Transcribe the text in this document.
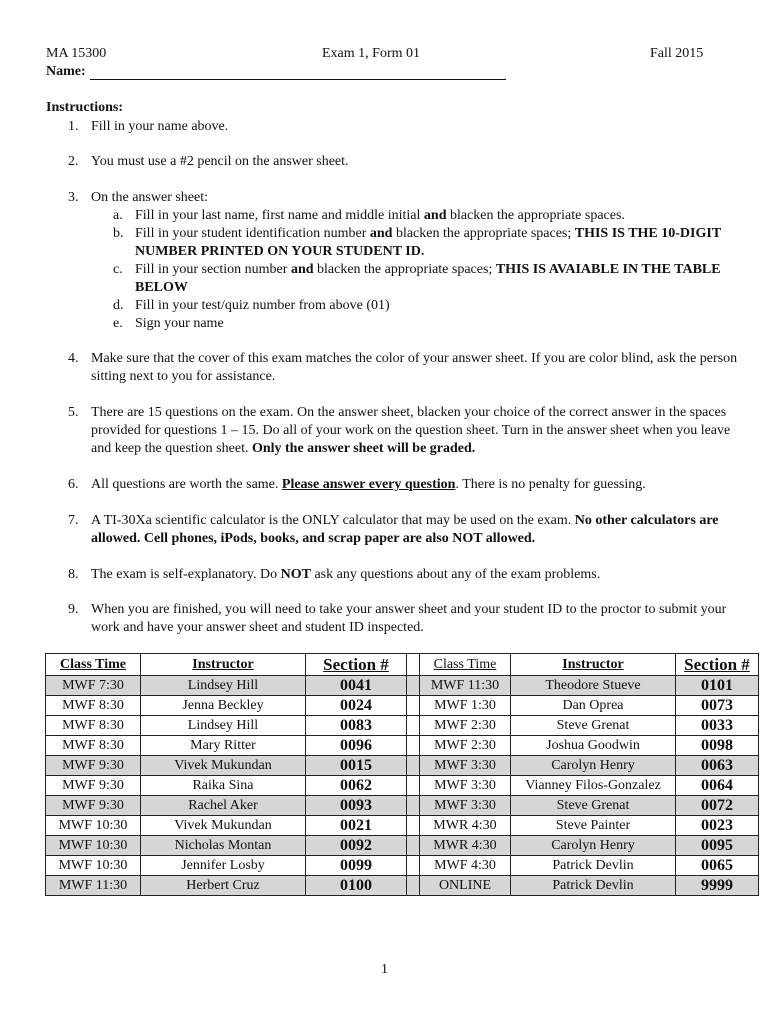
MA 15300	Exam 1, Form 01	Fall 2015
Name:
Instructions:
1. Fill in your name above.
2. You must use a #2 pencil on the answer sheet.
3. On the answer sheet:
a. Fill in your last name, first name and middle initial and blacken the appropriate spaces.
b. Fill in your student identification number and blacken the appropriate spaces; THIS IS THE 10-DIGIT NUMBER PRINTED ON YOUR STUDENT ID.
c. Fill in your section number and blacken the appropriate spaces; THIS IS AVAIABLE IN THE TABLE BELOW
d. Fill in your test/quiz number from above (01)
e. Sign your name
4. Make sure that the cover of this exam matches the color of your answer sheet. If you are color blind, ask the person sitting next to you for assistance.
5. There are 15 questions on the exam. On the answer sheet, blacken your choice of the correct answer in the spaces provided for questions 1 – 15. Do all of your work on the question sheet. Turn in the answer sheet when you leave and keep the question sheet. Only the answer sheet will be graded.
6. All questions are worth the same. Please answer every question. There is no penalty for guessing.
7. A TI-30Xa scientific calculator is the ONLY calculator that may be used on the exam. No other calculators are allowed. Cell phones, iPods, books, and scrap paper are also NOT allowed.
8. The exam is self-explanatory. Do NOT ask any questions about any of the exam problems.
9. When you are finished, you will need to take your answer sheet and your student ID to the proctor to submit your work and have your answer sheet and student ID inspected.
Class Time	Instructor	Section #		Class Time	Instructor	Section #
MWF 7:30	Lindsey Hill	0041		MWF 11:30	Theodore Stueve	0101
MWF 8:30	Jenna Beckley	0024		MWF 1:30	Dan Oprea	0073
MWF 8:30	Lindsey Hill	0083		MWF 2:30	Steve Grenat	0033
MWF 8:30	Mary Ritter	0096		MWF 2:30	Joshua Goodwin	0098
MWF 9:30	Vivek Mukundan	0015		MWF 3:30	Carolyn Henry	0063
MWF 9:30	Raika Sina	0062		MWF 3:30	Vianney Filos-Gonzalez	0064
MWF 9:30	Rachel Aker	0093		MWF 3:30	Steve Grenat	0072
MWF 10:30	Vivek Mukundan	0021		MWR 4:30	Steve Painter	0023
MWF 10:30	Nicholas Montan	0092		MWR 4:30	Carolyn Henry	0095
MWF 10:30	Jennifer Losby	0099		MWF 4:30	Patrick Devlin	0065
MWF 11:30	Herbert Cruz	0100		ONLINE	Patrick Devlin	9999
1
